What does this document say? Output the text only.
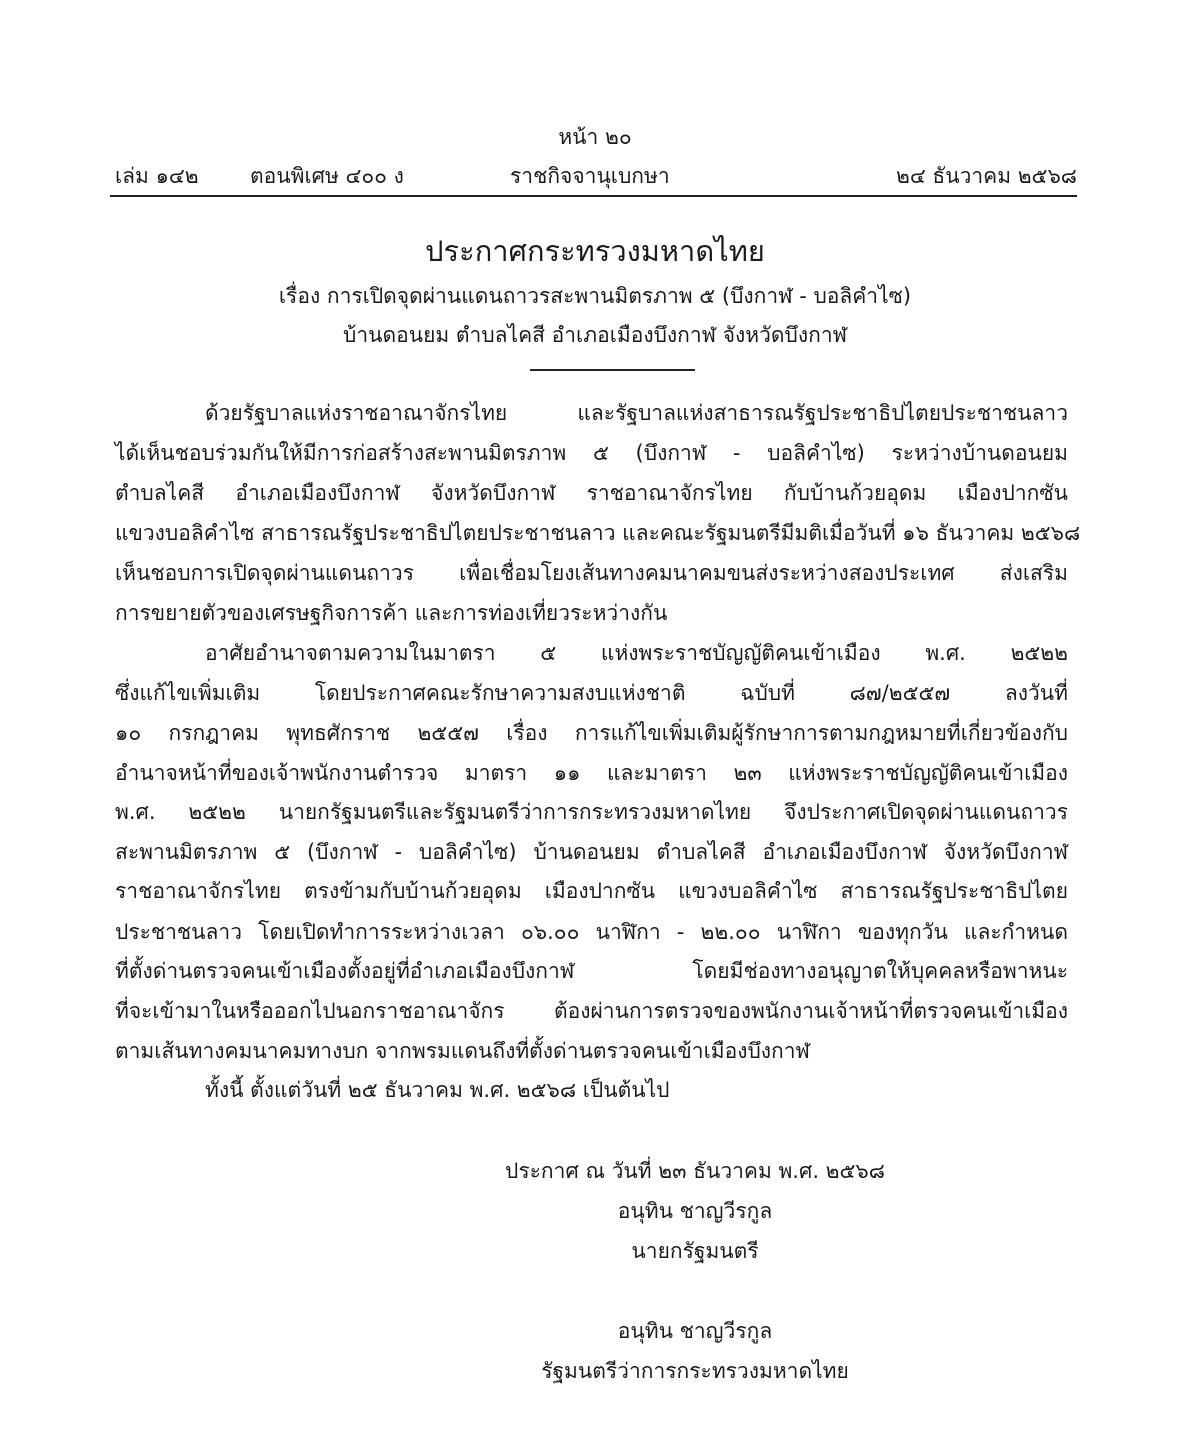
หน้า ๒๐
เล่ม ๑๔๒ ตอนพิเศษ ๔๐๐ ง	ราชกิจจานุเบกษา	๒๔ ธันวาคม ๒๕๖๘
ประกาศกระทรวงมหาดไทย
เรื่อง การเปิดจุดผ่านแดนถาวรสะพานมิตรภาพ ๕ (บึงกาฬ - บอลิคำไซ)
บ้านดอนยม ตำบลไคสี อำเภอเมืองบึงกาฬ จังหวัดบึงกาฬ
ด้วยรัฐบาลแห่งราชอาณาจักรไทย และรัฐบาลแห่งสาธารณรัฐประชาธิปไตยประชาชนลาว
ได้เห็นชอบร่วมกันให้มีการก่อสร้างสะพานมิตรภาพ ๕ (บึงกาฬ - บอลิคำไซ) ระหว่างบ้านดอนยม
ตำบลไคสี อำเภอเมืองบึงกาฬ จังหวัดบึงกาฬ ราชอาณาจักรไทย กับบ้านก้วยอุดม เมืองปากซัน
แขวงบอลิคำไซ สาธารณรัฐประชาธิปไตยประชาชนลาว และคณะรัฐมนตรีมีมติเมื่อวันที่ ๑๖ ธันวาคม ๒๕๖๘
เห็นชอบการเปิดจุดผ่านแดนถาวร เพื่อเชื่อมโยงเส้นทางคมนาคมขนส่งระหว่างสองประเทศ ส่งเสริม
การขยายตัวของเศรษฐกิจการค้า และการท่องเที่ยวระหว่างกัน
อาศัยอำนาจตามความในมาตรา ๕ แห่งพระราชบัญญัติคนเข้าเมือง พ.ศ. ๒๕๒๒
ซึ่งแก้ไขเพิ่มเติม โดยประกาศคณะรักษาความสงบแห่งชาติ ฉบับที่ ๘๗/๒๕๕๗ ลงวันที่
๑๐ กรกฎาคม พุทธศักราช ๒๕๕๗ เรื่อง การแก้ไขเพิ่มเติมผู้รักษาการตามกฎหมายที่เกี่ยวข้องกับ
อำนาจหน้าที่ของเจ้าพนักงานตำรวจ มาตรา ๑๑ และมาตรา ๒๓ แห่งพระราชบัญญัติคนเข้าเมือง
พ.ศ. ๒๕๒๒ นายกรัฐมนตรีและรัฐมนตรีว่าการกระทรวงมหาดไทย จึงประกาศเปิดจุดผ่านแดนถาวร
สะพานมิตรภาพ ๕ (บึงกาฬ - บอลิคำไซ) บ้านดอนยม ตำบลไคสี อำเภอเมืองบึงกาฬ จังหวัดบึงกาฬ
ราชอาณาจักรไทย ตรงข้ามกับบ้านก้วยอุดม เมืองปากซัน แขวงบอลิคำไซ สาธารณรัฐประชาธิปไตย
ประชาชนลาว โดยเปิดทำการระหว่างเวลา ๐๖.๐๐ นาฬิกา - ๒๒.๐๐ นาฬิกา ของทุกวัน และกำหนด
ที่ตั้งด่านตรวจคนเข้าเมืองตั้งอยู่ที่อำเภอเมืองบึงกาฬ โดยมีช่องทางอนุญาตให้บุคคลหรือพาหนะ
ที่จะเข้ามาในหรือออกไปนอกราชอาณาจักร ต้องผ่านการตรวจของพนักงานเจ้าหน้าที่ตรวจคนเข้าเมือง
ตามเส้นทางคมนาคมทางบก จากพรมแดนถึงที่ตั้งด่านตรวจคนเข้าเมืองบึงกาฬ
ทั้งนี้ ตั้งแต่วันที่ ๒๕ ธันวาคม พ.ศ. ๒๕๖๘ เป็นต้นไป
ประกาศ ณ วันที่ ๒๓ ธันวาคม พ.ศ. ๒๕๖๘
อนุทิน ชาญวีรกูล
นายกรัฐมนตรี
อนุทิน ชาญวีรกูล
รัฐมนตรีว่าการกระทรวงมหาดไทย
